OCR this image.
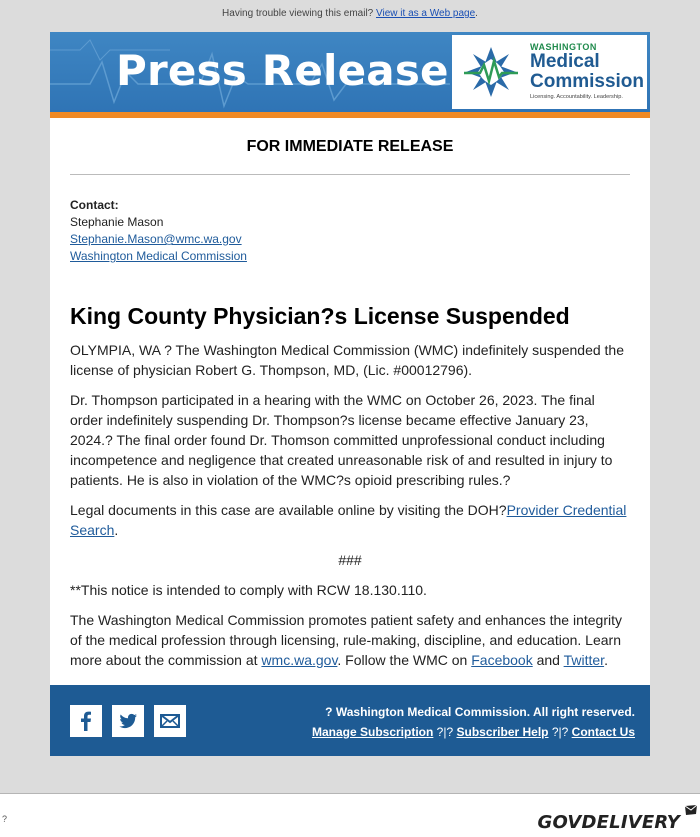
Having trouble viewing this email? View it as a Web page.
Press Release	WASHINGTON
Medical
Commission
Licensing. Accountability. Leadership.
FOR IMMEDIATE RELEASE
Contact:
Stephanie Mason
Stephanie.Mason@wmc.wa.gov
Washington Medical Commission
King County Physician?s License Suspended

OLYMPIA, WA ? The Washington Medical Commission (WMC) indefinitely suspended the license of physician Robert G. Thompson, MD, (Lic. #00012796).

Dr. Thompson participated in a hearing with the WMC on October 26, 2023. The final order indefinitely suspending Dr. Thompson?s license became effective January 23, 2024.? The final order found Dr. Thomson committed unprofessional conduct including incompetence and negligence that created unreasonable risk of and resulted in injury to patients. He is also in violation of the WMC?s opioid prescribing rules.?

Legal documents in this case are available online by visiting the DOH?Provider Credential Search.

###

**This notice is intended to comply with RCW 18.130.110.

The Washington Medical Commission promotes patient safety and enhances the integrity of the medical profession through licensing, rule-making, discipline, and education. Learn more about the commission at wmc.wa.gov. Follow the WMC on Facebook and Twitter.

? Washington Medical Commission. All right reserved.
Manage Subscription ?|? Subscriber Help ?|? Contact Us
?	GOVDELIVERY
